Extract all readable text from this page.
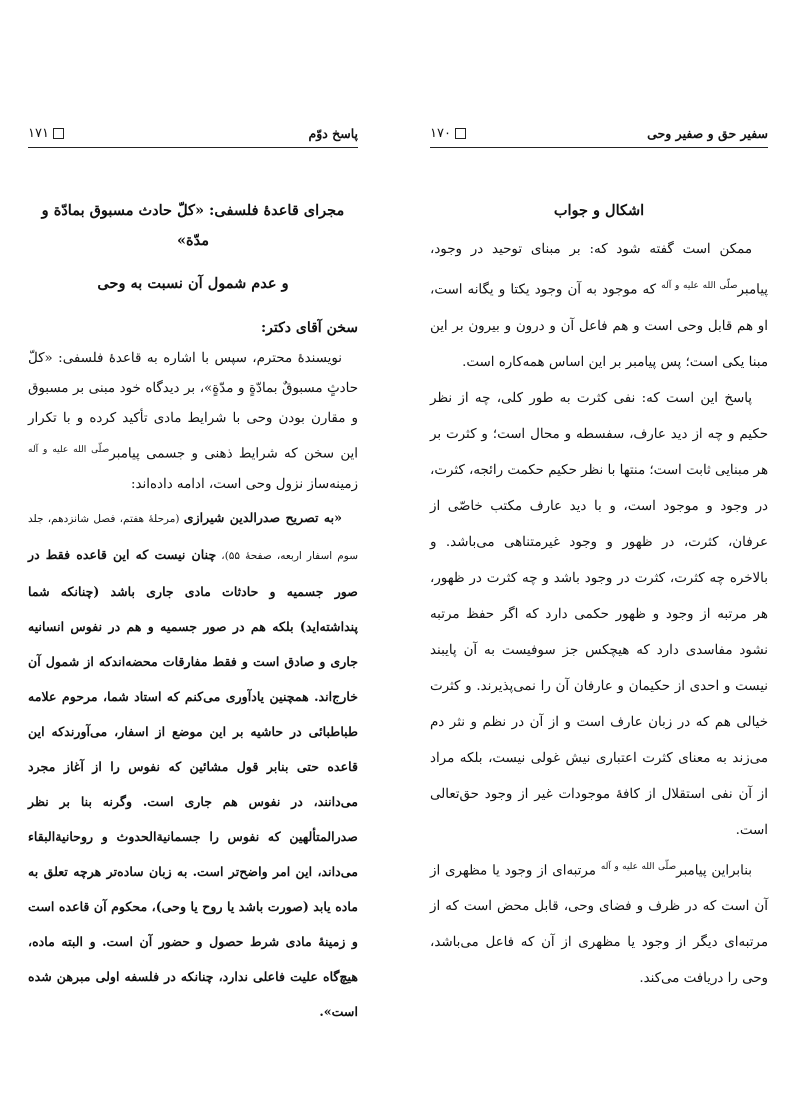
پاسخ دوّم
۱۷۱
مجرای قاعدۀ فلسفی: «کلّ حادث مسبوق بمادّة و مدّة»
و عدم شمول آن نسبت به وحی
سخن آقای دکتر:

نویسندۀ محترم، سپس با اشاره به قاعدۀ فلسفی: «کلّ حادثٍ مسبوقٌ بمادّةٍ و مدّةٍ»، بر دیدگاه خود مبنی بر مسبوق و مقارن بودن وحی با شرایط مادی تأکید کرده و با تکرار این سخن که شرایط ذهنی و جسمی پیامبر$^{صلّی الله علیه و آله}$ زمینه‌ساز نزول وحی است، ادامه داده‌اند:

«به تصریح صدرالدین شیرازی (مرحلۀ هفتم، فصل شانزدهم، جلد سوم اسفار اربعه، صفحۀ ۵۵)، چنان نیست که این قاعده فقط در صور جسمیه و حادثات مادی جاری باشد (چنانکه شما پنداشته‌اید) بلکه هم در صور جسمیه و هم در نفوس انسانیه جاری و صادق است و فقط مفارقات محضه‌اندکه از شمول آن خارج‌اند. همچنین یادآوری می‌کنم که استاد شما، مرحوم علامه طباطبائی در حاشیه بر این موضع از اسفار، می‌آورندکه این قاعده حتی بنابر قول مشائین که نفوس را از آغاز مجرد می‌دانند، در نفوس هم جاری است. وگرنه بنا بر نظر صدرالمتألهین که نفوس را جسمانیةالحدوث و روحانیةالبقاء می‌داند، این امر واضح‌تر است. به زبان ساده‌تر هرچه تعلق به ماده یابد (صورت باشد یا روح یا وحی)، محکوم آن قاعده است و زمینۀ مادی شرط حصول و حضور آن است. و البته ماده، هیچ‌گاه علیت فاعلی ندارد، چنانکه در فلسفه اولی مبرهن شده است».

سفیر حق و صفیر وحی
۱۷۰
اشکال و جواب

ممکن است گفته شود که: بر مبنای توحید در وجود، پیامبر$^{صلّی الله علیه و آله}$ که موجود به آن وجود یکتا و یگانه است، او هم قابل وحی است و هم فاعل آن و درون و بیرون بر این مبنا یکی است؛ پس پیامبر بر این اساس همه‌کاره است.

پاسخ این است که: نفی کثرت به طور کلی، چه از نظر حکیم و چه از دید عارف، سفسطه و محال است؛ و کثرت بر هر مبنایی ثابت است؛ منتها با نظر حکیم حکمت رائجه، کثرت، در وجود و موجود است، و با دید عارف مکتب خاصّی از عرفان، کثرت، در ظهور و وجود غیرمتناهی می‌باشد. و بالاخره چه کثرت، کثرت در وجود باشد و چه کثرت در ظهور، هر مرتبه از وجود و ظهور حکمی دارد که اگر حفظ مرتبه نشود مفاسدی دارد که هیچکس جز سوفیست به آن پایبند نیست و احدی از حکیمان و عارفان آن را نمی‌پذیرند. و کثرت خیالی هم که در زبان عارف است و از آن در نظم و نثر دم می‌زند به معنای کثرت اعتباری نیش غولی نیست، بلکه مراد از آن نفی استقلال از کافۀ موجودات غیر از وجود حق‌تعالی است.

بنابراین پیامبر$^{صلّی الله علیه و آله}$ مرتبه‌ای از وجود یا مظهری از آن است که در ظرف و فضای وحی، قابل محض است که از مرتبه‌ای دیگر از وجود یا مظهری از آن که فاعل می‌باشد، وحی را دریافت می‌کند.
